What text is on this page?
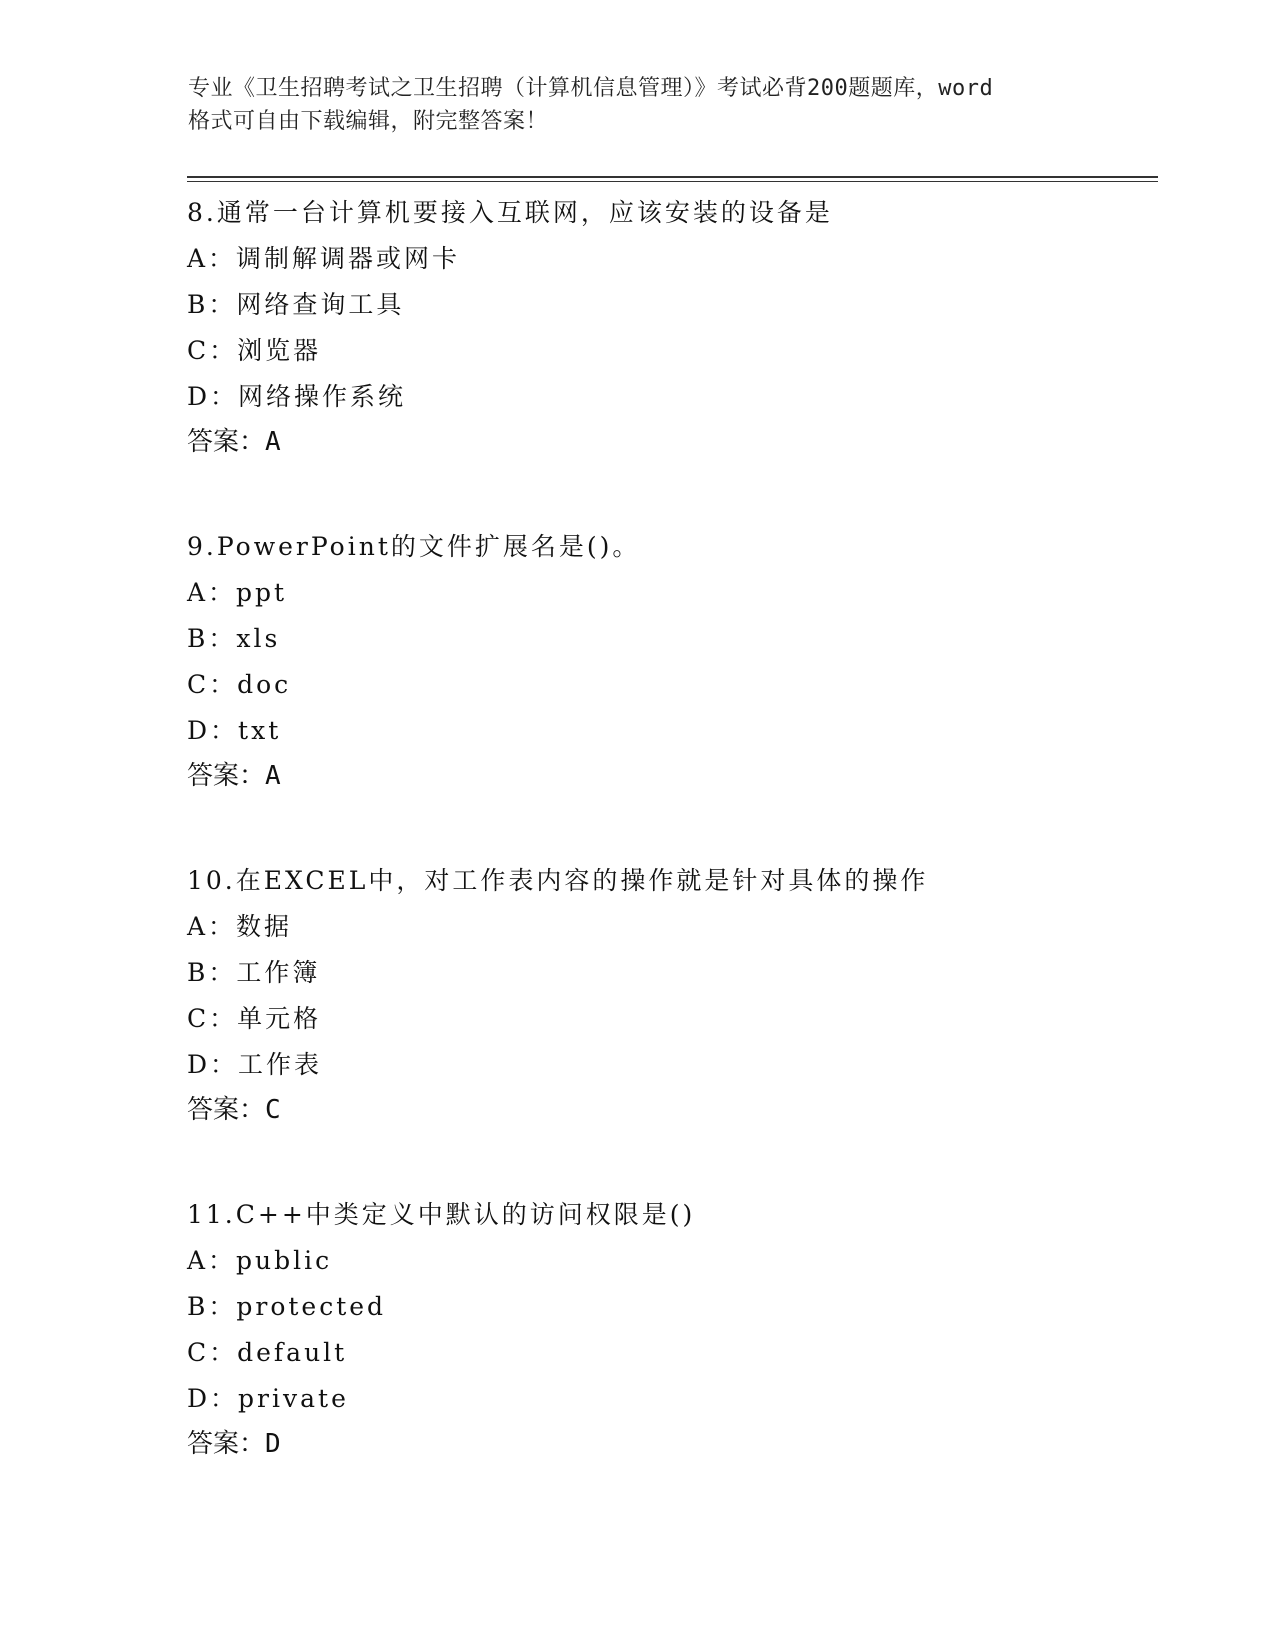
专业《卫生招聘考试之卫生招聘（计算机信息管理）》考试必背200题题库，word
格式可自由下载编辑，附完整答案！
8.通常一台计算机要接入互联网，应该安装的设备是
A：调制解调器或网卡
B：网络查询工具
C：浏览器
D：网络操作系统
答案：A
9.PowerPoint的文件扩展名是()。
A：ppt
B：xls
C：doc
D：txt
答案：A
10.在EXCEL中，对工作表内容的操作就是针对具体的操作
A：数据
B：工作簿
C：单元格
D：工作表
答案：C
11.C++中类定义中默认的访问权限是()
A：public
B：protected
C：default
D：private
答案：D
